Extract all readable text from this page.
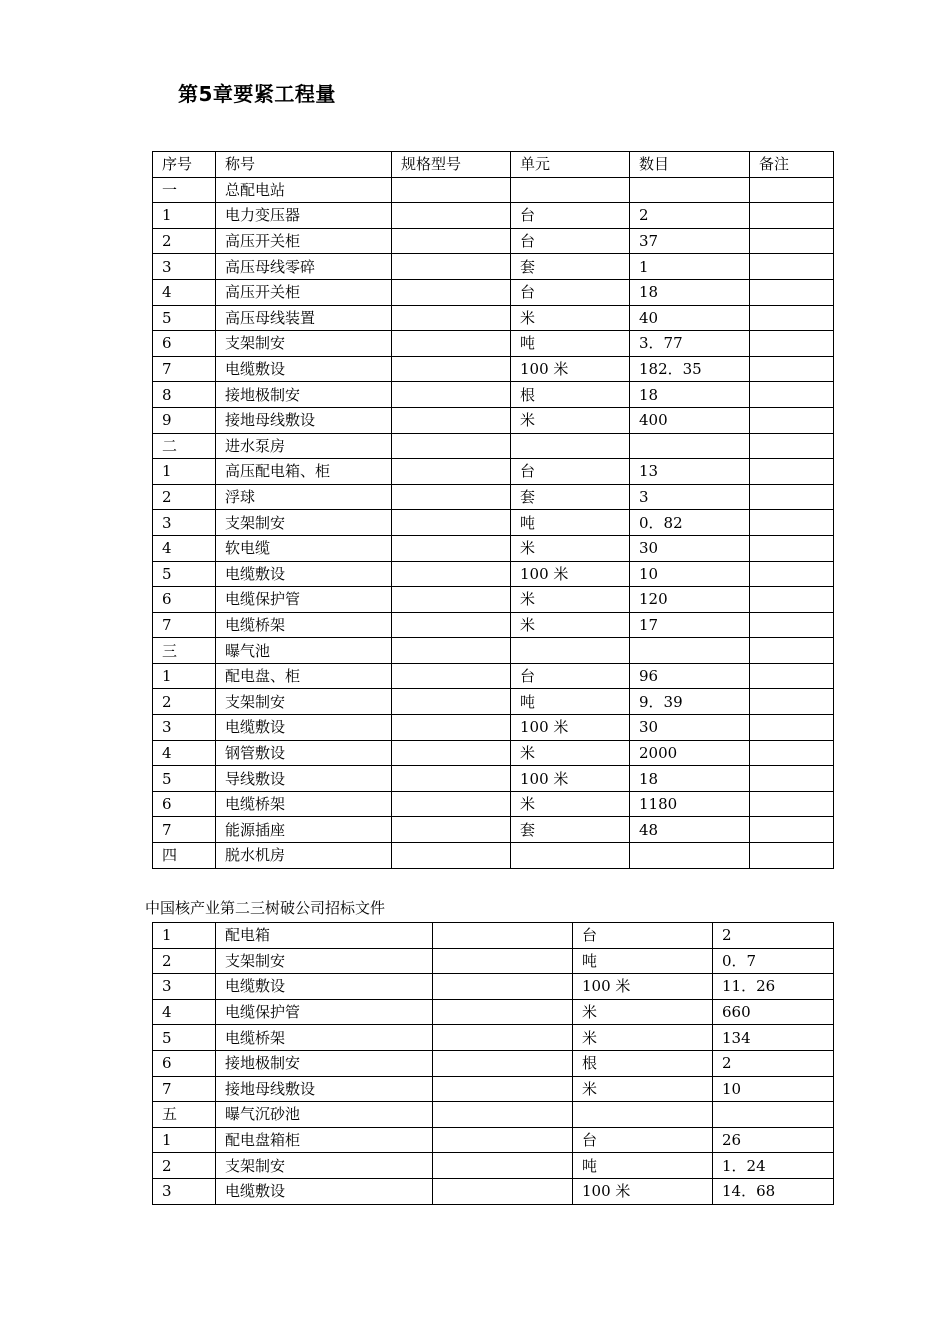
第5章要紧工程量
序号	称号	规格型号	单元	数目	备注
一	总配电站				
1	电力变压器		台	2	
2	高压开关柜		台	37	
3	高压母线零碎		套	1	
4	高压开关柜		台	18	
5	高压母线装置		米	40	
6	支架制安		吨	3．77	
7	电缆敷设		100 米	182．35	
8	接地极制安		根	18	
9	接地母线敷设		米	400	
二	进水泵房				
1	高压配电箱、柜		台	13	
2	浮球		套	3	
3	支架制安		吨	0．82	
4	软电缆		米	30	
5	电缆敷设		100 米	10	
6	电缆保护管		米	120	
7	电缆桥架		米	17	
三	曝气池				
1	配电盘、柜		台	96	
2	支架制安		吨	9．39	
3	电缆敷设		100 米	30	
4	钢管敷设		米	2000	
5	导线敷设		100 米	18	
6	电缆桥架		米	1180	
7	能源插座		套	48	
四	脱水机房				
中国核产业第二三树破公司招标文件
1	配电箱		台	2
2	支架制安		吨	0．7
3	电缆敷设		100 米	11．26
4	电缆保护管		米	660
5	电缆桥架		米	134
6	接地极制安		根	2
7	接地母线敷设		米	10
五	曝气沉砂池			
1	配电盘箱柜		台	26
2	支架制安		吨	1．24
3	电缆敷设		100 米	14．68
